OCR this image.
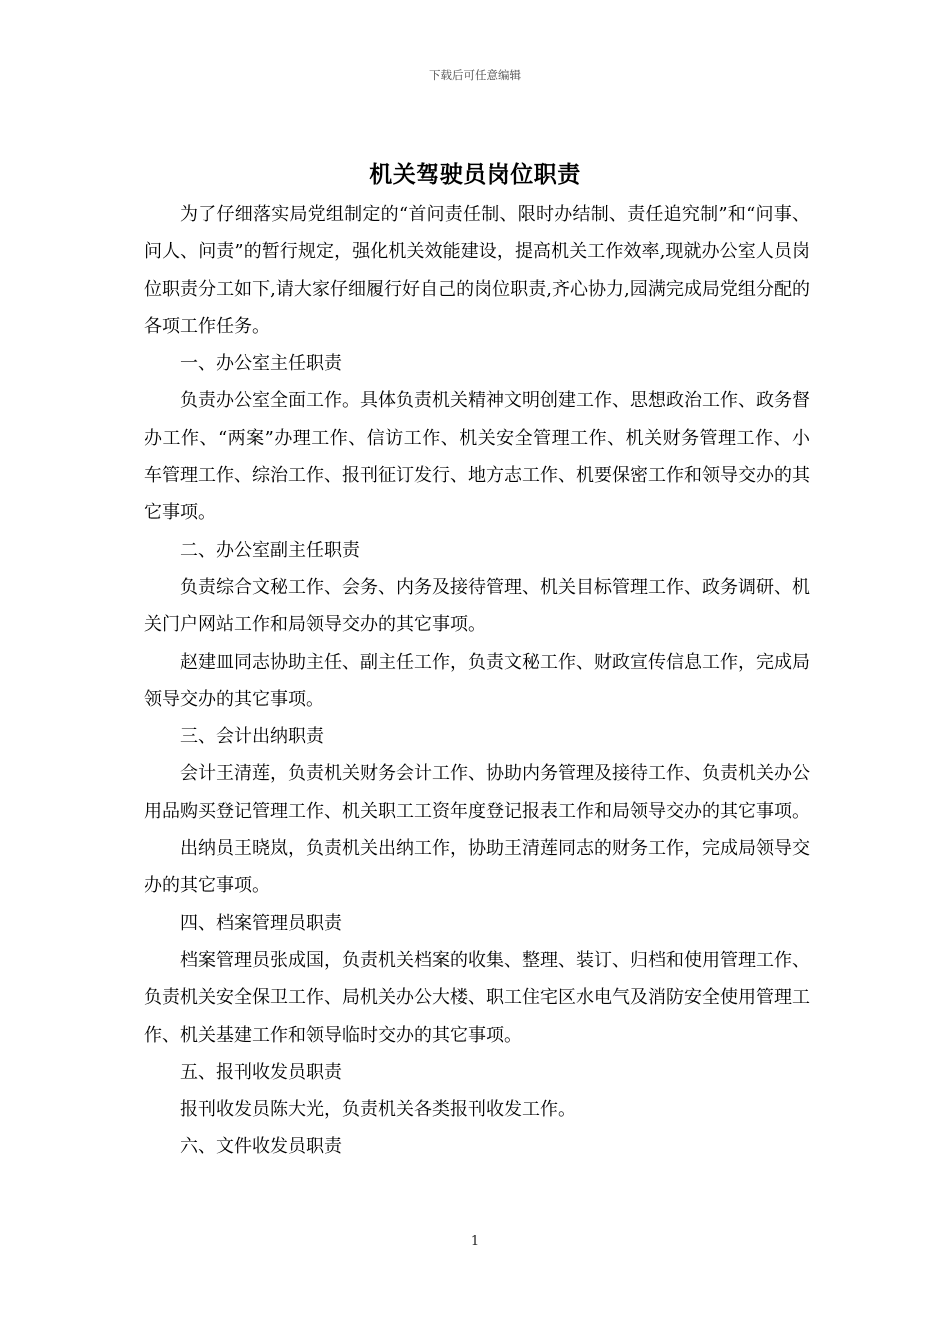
下载后可任意编辑
机关驾驶员岗位职责

为了仔细落实局党组制定的“首问责任制、限时办结制、责任追究制”和“问事、问人、问责”的暂行规定，强化机关效能建设，提高机关工作效率,现就办公室人员岗位职责分工如下,请大家仔细履行好自己的岗位职责,齐心协力,园满完成局党组分配的各项工作任务。

一、办公室主任职责

负责办公室全面工作。具体负责机关精神文明创建工作、思想政治工作、政务督办工作、“两案”办理工作、信访工作、机关安全管理工作、机关财务管理工作、小车管理工作、综治工作、报刊征订发行、地方志工作、机要保密工作和领导交办的其它事项。

二、办公室副主任职责

负责综合文秘工作、会务、内务及接待管理、机关目标管理工作、政务调研、机关门户网站工作和局领导交办的其它事项。

赵建皿同志协助主任、副主任工作，负责文秘工作、财政宣传信息工作，完成局领导交办的其它事项。

三、会计出纳职责

会计王清莲，负责机关财务会计工作、协助内务管理及接待工作、负责机关办公用品购买登记管理工作、机关职工工资年度登记报表工作和局领导交办的其它事项。

出纳员王晓岚，负责机关出纳工作，协助王清莲同志的财务工作，完成局领导交办的其它事项。

四、档案管理员职责

档案管理员张成国，负责机关档案的收集、整理、装订、归档和使用管理工作、负责机关安全保卫工作、局机关办公大楼、职工住宅区水电气及消防安全使用管理工作、机关基建工作和领导临时交办的其它事项。

五、报刊收发员职责

报刊收发员陈大光，负责机关各类报刊收发工作。

六、文件收发员职责

1
